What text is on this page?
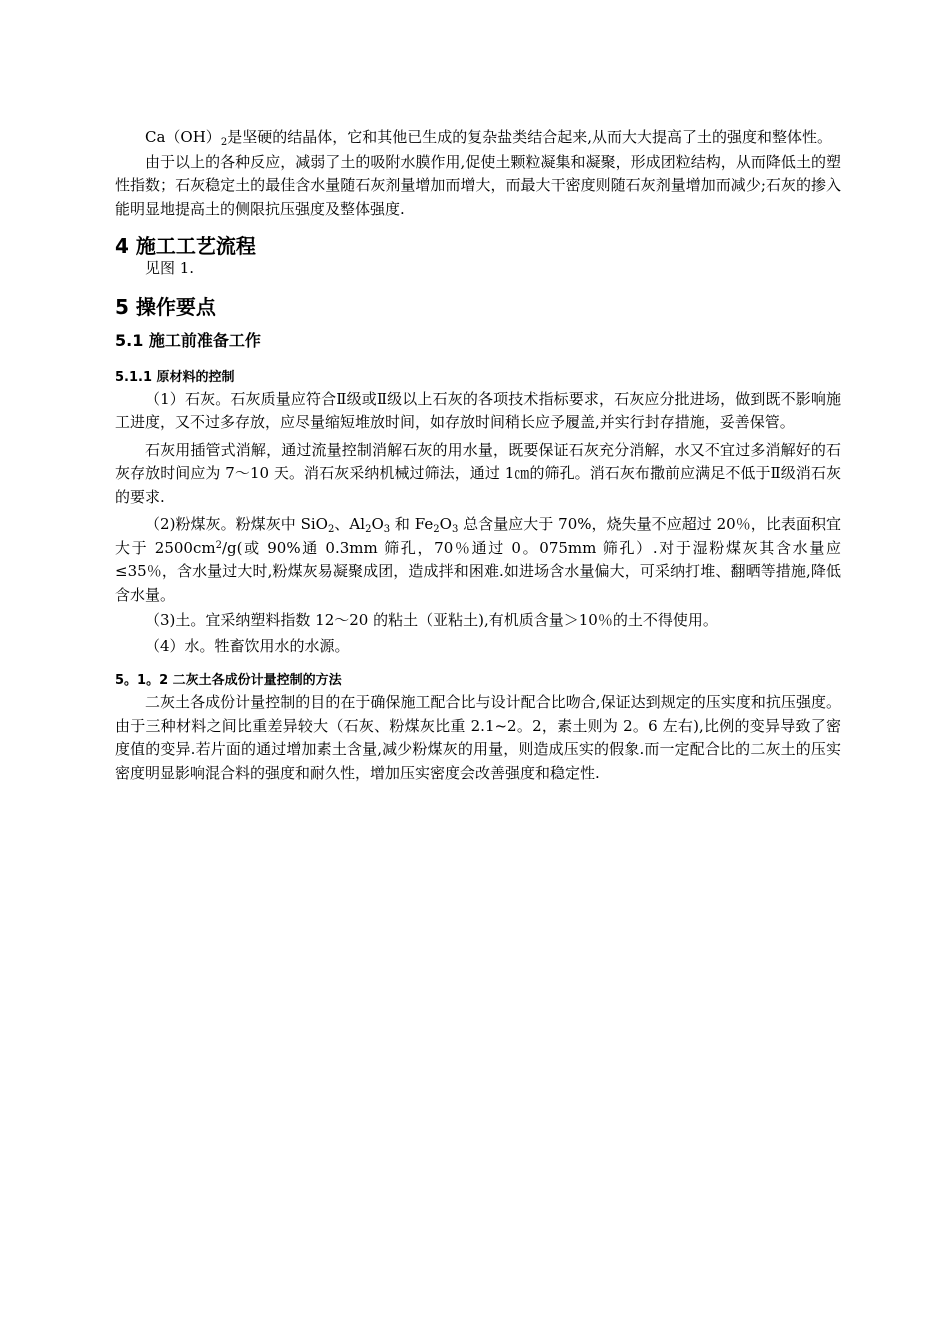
$Ca(OH)_2$是坚硬的结晶体，它和其他已生成的复杂盐类结合起来,从而大大提高了土的强度和整体性。

由于以上的各种反应，减弱了土的吸附水膜作用,促使土颗粒凝集和凝聚，形成团粒结构，从而降低土的塑性指数；石灰稳定土的最佳含水量随石灰剂量增加而增大，而最大干密度则随石灰剂量增加而减少;石灰的掺入能明显地提高土的侧限抗压强度及整体强度.

4 施工工艺流程

见图 1.

5 操作要点
5.1 施工前准备工作
5.1.1 原材料的控制

（1）石灰。石灰质量应符合Ⅱ级或Ⅱ级以上石灰的各项技术指标要求，石灰应分批进场，做到既不影响施工进度，又不过多存放，应尽量缩短堆放时间，如存放时间稍长应予履盖,并实行封存措施，妥善保管。

石灰用插管式消解，通过流量控制消解石灰的用水量，既要保证石灰充分消解，水又不宜过多消解好的石灰存放时间应为 7～10 天。消石灰采纳机械过筛法，通过 1㎝的筛孔。消石灰布撒前应满足不低于Ⅱ级消石灰的要求.

（2)粉煤灰。粉煤灰中 SiO$_2$、$Al_2O_3$ 和 $Fe_2O_3$ 总含量应大于 70%，烧失量不应超过 20％，比表面积宜大于 $2500cm^2/g$(或 90%通 0.3mm 筛孔，70％通过 0。075mm 筛孔）.对于湿粉煤灰其含水量应≤35％，含水量过大时,粉煤灰易凝聚成团，造成拌和困难.如进场含水量偏大，可采纳打堆、翻晒等措施,降低含水量。

（3)土。宜采纳塑料指数 12～20 的粘土（亚粘土),有机质含量＞10％的土不得使用。

（4）水。牲畜饮用水的水源。

5。1。2 二灰土各成份计量控制的方法

二灰土各成份计量控制的目的在于确保施工配合比与设计配合比吻合,保证达到规定的压实度和抗压强度。由于三种材料之间比重差异较大（石灰、粉煤灰比重 2.1~2。2，素土则为 2。6 左右),比例的变异导致了密度值的变异.若片面的通过增加素土含量,减少粉煤灰的用量，则造成压实的假象.而一定配合比的二灰土的压实密度明显影响混合料的强度和耐久性，增加压实密度会改善强度和稳定性.
